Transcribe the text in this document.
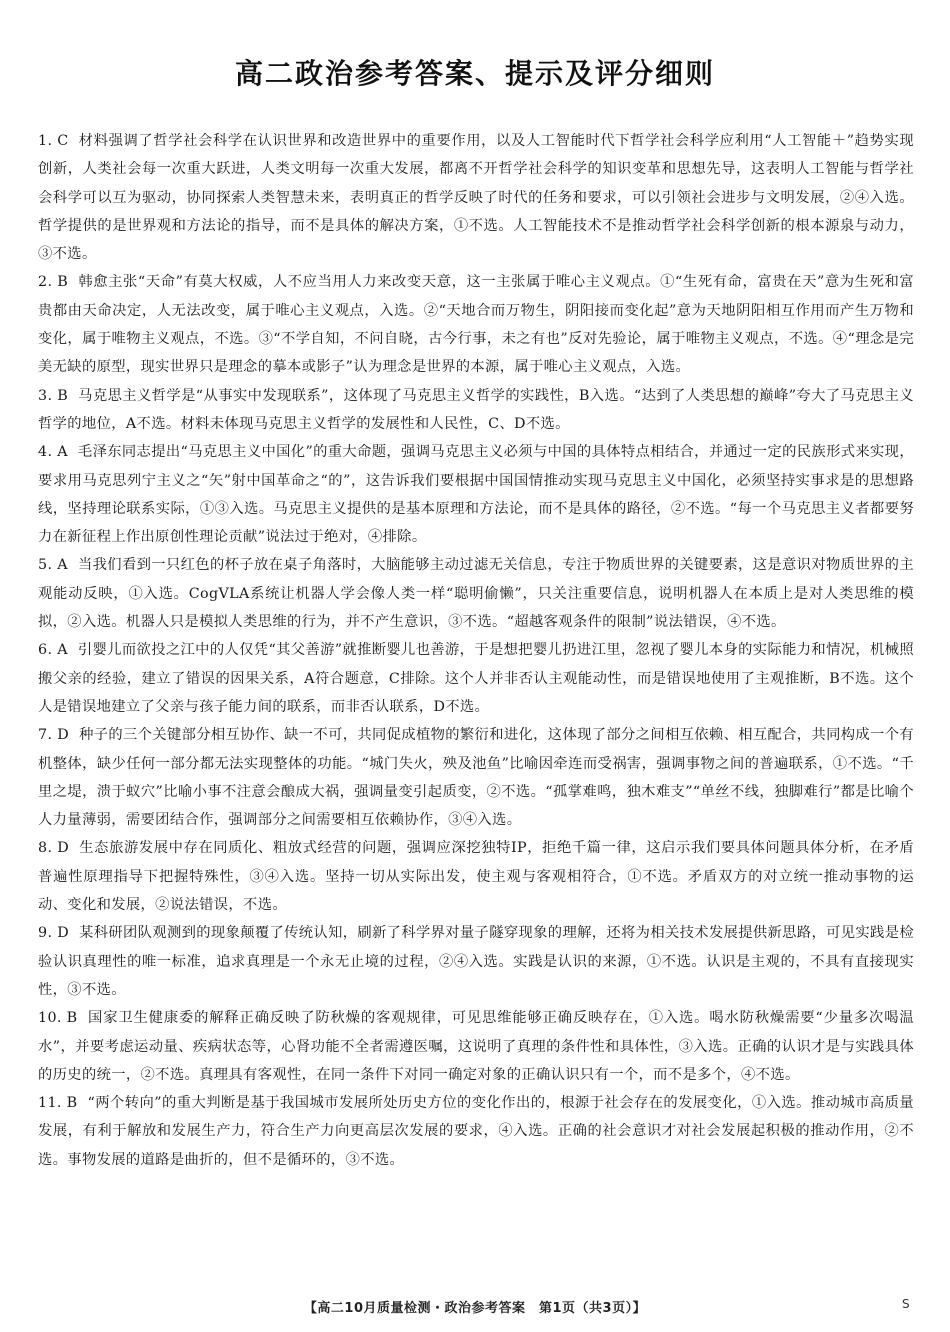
高二政治参考答案、提示及评分细则

1. C 材料强调了哲学社会科学在认识世界和改造世界中的重要作用，以及人工智能时代下哲学社会科学应利用“人工智能＋”趋势实现创新，人类社会每一次重大跃进，人类文明每一次重大发展，都离不开哲学社会科学的知识变革和思想先导，这表明人工智能与哲学社会科学可以互为驱动，协同探索人类智慧未来，表明真正的哲学反映了时代的任务和要求，可以引领社会进步与文明发展，②④入选。哲学提供的是世界观和方法论的指导，而不是具体的解决方案，①不选。人工智能技术不是推动哲学社会科学创新的根本源泉与动力，③不选。

2. B 韩愈主张“天命”有莫大权威，人不应当用人力来改变天意，这一主张属于唯心主义观点。①“生死有命，富贵在天”意为生死和富贵都由天命决定，人无法改变，属于唯心主义观点，入选。②“天地合而万物生，阴阳接而变化起”意为天地阴阳相互作用而产生万物和变化，属于唯物主义观点，不选。③“不学自知，不问自晓，古今行事，未之有也”反对先验论，属于唯物主义观点，不选。④“理念是完美无缺的原型，现实世界只是理念的摹本或影子”认为理念是世界的本源，属于唯心主义观点，入选。

3. B 马克思主义哲学是“从事实中发现联系”，这体现了马克思主义哲学的实践性，B入选。“达到了人类思想的巅峰”夸大了马克思主义哲学的地位，A不选。材料未体现马克思主义哲学的发展性和人民性，C、D不选。

4. A 毛泽东同志提出“马克思主义中国化”的重大命题，强调马克思主义必须与中国的具体特点相结合，并通过一定的民族形式来实现，要求用马克思列宁主义之“矢”射中国革命之“的”，这告诉我们要根据中国国情推动实现马克思主义中国化，必须坚持实事求是的思想路线，坚持理论联系实际，①③入选。马克思主义提供的是基本原理和方法论，而不是具体的路径，②不选。“每一个马克思主义者都要努力在新征程上作出原创性理论贡献”说法过于绝对，④排除。

5. A 当我们看到一只红色的杯子放在桌子角落时，大脑能够主动过滤无关信息，专注于物质世界的关键要素，这是意识对物质世界的主观能动反映，①入选。CogVLA系统让机器人学会像人类一样“聪明偷懒”，只关注重要信息，说明机器人在本质上是对人类思维的模拟，②入选。机器人只是模拟人类思维的行为，并不产生意识，③不选。“超越客观条件的限制”说法错误，④不选。

6. A 引婴儿而欲投之江中的人仅凭“其父善游”就推断婴儿也善游，于是想把婴儿扔进江里，忽视了婴儿本身的实际能力和情况，机械照搬父亲的经验，建立了错误的因果关系，A符合题意，C排除。这个人并非否认主观能动性，而是错误地使用了主观推断，B不选。这个人是错误地建立了父亲与孩子能力间的联系，而非否认联系，D不选。

7. D 种子的三个关键部分相互协作、缺一不可，共同促成植物的繁衍和进化，这体现了部分之间相互依赖、相互配合，共同构成一个有机整体，缺少任何一部分都无法实现整体的功能。“城门失火，殃及池鱼”比喻因牵连而受祸害，强调事物之间的普遍联系，①不选。“千里之堤，溃于蚁穴”比喻小事不注意会酿成大祸，强调量变引起质变，②不选。“孤掌难鸣，独木难支”“单丝不线，独脚难行”都是比喻个人力量薄弱，需要团结合作，强调部分之间需要相互依赖协作，③④入选。

8. D 生态旅游发展中存在同质化、粗放式经营的问题，强调应深挖独特IP，拒绝千篇一律，这启示我们要具体问题具体分析，在矛盾普遍性原理指导下把握特殊性，③④入选。坚持一切从实际出发，使主观与客观相符合，①不选。矛盾双方的对立统一推动事物的运动、变化和发展，②说法错误，不选。

9. D 某科研团队观测到的现象颠覆了传统认知，刷新了科学界对量子隧穿现象的理解，还将为相关技术发展提供新思路，可见实践是检验认识真理性的唯一标准，追求真理是一个永无止境的过程，②④入选。实践是认识的来源，①不选。认识是主观的，不具有直接现实性，③不选。

10. B 国家卫生健康委的解释正确反映了防秋燥的客观规律，可见思维能够正确反映存在，①入选。喝水防秋燥需要“少量多次喝温水”，并要考虑运动量、疾病状态等，心肾功能不全者需遵医嘱，这说明了真理的条件性和具体性，③入选。正确的认识才是与实践具体的历史的统一，②不选。真理具有客观性，在同一条件下对同一确定对象的正确认识只有一个，而不是多个，④不选。

11. B “两个转向”的重大判断是基于我国城市发展所处历史方位的变化作出的，根源于社会存在的发展变化，①入选。推动城市高质量发展，有利于解放和发展生产力，符合生产力向更高层次发展的要求，④入选。正确的社会意识才对社会发展起积极的推动作用，②不选。事物发展的道路是曲折的，但不是循环的，③不选。

【高二10月质量检测・政治参考答案　第1页（共3页）】	S
